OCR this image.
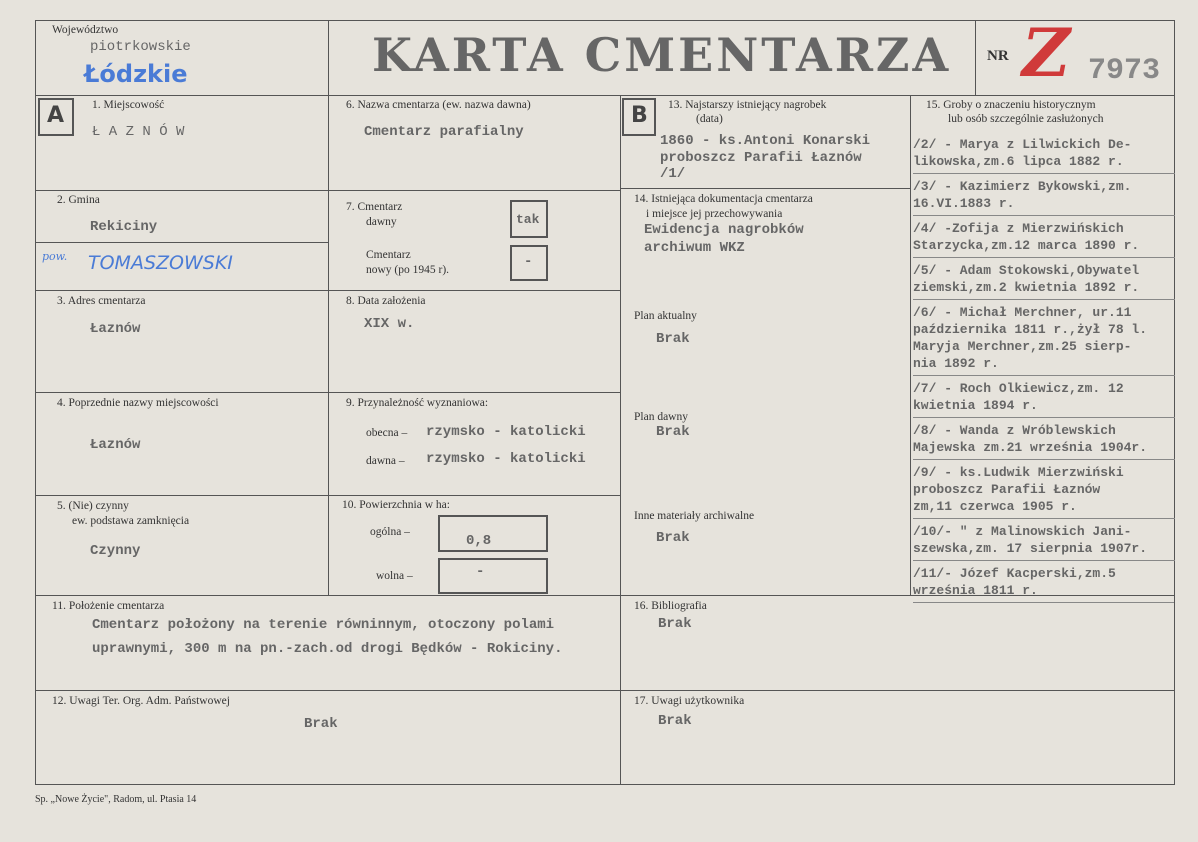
Województwo
piotrkowskie
Łódzkie	KARTA CMENTARZA NR Z 7973
A 1. Miejscowość
Ł A Z N Ó W
2. Gmina
Rekiciny
pow. TOMASZOWSKI
3. Adres cmentarza
Łaznów
4. Poprzednie nazwy miejscowości
Łaznów
5. (Nie) czynny
ew. podstawa zamknięcia
Czynny
6. Nazwa cmentarza (ew. nazwa dawna)
Cmentarz parafialny
7. Cmentarz
dawny	tak
Cmentarz
nowy (po 1945 r).	-
8. Data założenia
XIX w.
9. Przynależność wyznaniowa:
obecna – rzymsko - katolicki
dawna – rzymsko - katolicki
10. Powierzchnia w ha:
ogólna –
0,8
wolna –	-
B 13. Najstarszy istniejący nagrobek
(data)
1860 - ks.Antoni Konarski
proboszcz Parafii Łaznów
/1/
14. Istniejąca dokumentacja cmentarza
i miejsce jej przechowywania
Ewidencja nagrobków
archiwum WKZ
Plan aktualny
Brak
Plan dawny
Brak
Inne materiały archiwalne
Brak
15. Groby o znaczeniu historycznym
lub osób szczególnie zasłużonych
/2/ - Marya z Lilwickich De-
likowska,zm.6 lipca 1882 r.
/3/ - Kazimierz Bykowski,zm.
16.VI.1883 r.
/4/ -Zofija z Mierzwińskich
Starzycka,zm.12 marca 1890 r.
/5/ - Adam Stokowski,Obywatel
ziemski,zm.2 kwietnia 1892 r.
/6/ - Michał Merchner, ur.11
października 1811 r.,żył 78 l.
Maryja Merchner,zm.25 sierp-
nia 1892 r.
/7/ - Roch Olkiewicz,zm. 12
kwietnia 1894 r.
/8/ - Wanda z Wróblewskich
Majewska zm.21 września 1904r.
/9/ - ks.Ludwik Mierzwiński
proboszcz Parafii Łaznów
zm,11 czerwca 1905 r.
/10/- " z Malinowskich Jani-
szewska,zm. 17 sierpnia 1907r.
/11/- Józef Kacperski,zm.5
września 1811 r.
11. Położenie cmentarza
Cmentarz położony na terenie równinnym, otoczony polami
uprawnymi, 300 m na pn.-zach.od drogi Będków - Rokiciny.
16. Bibliografia
Brak
12. Uwagi Ter. Org. Adm. Państwowej
Brak
17. Uwagi użytkownika
Brak
Sp. „Nowe Życie", Radom, ul. Ptasia 14
